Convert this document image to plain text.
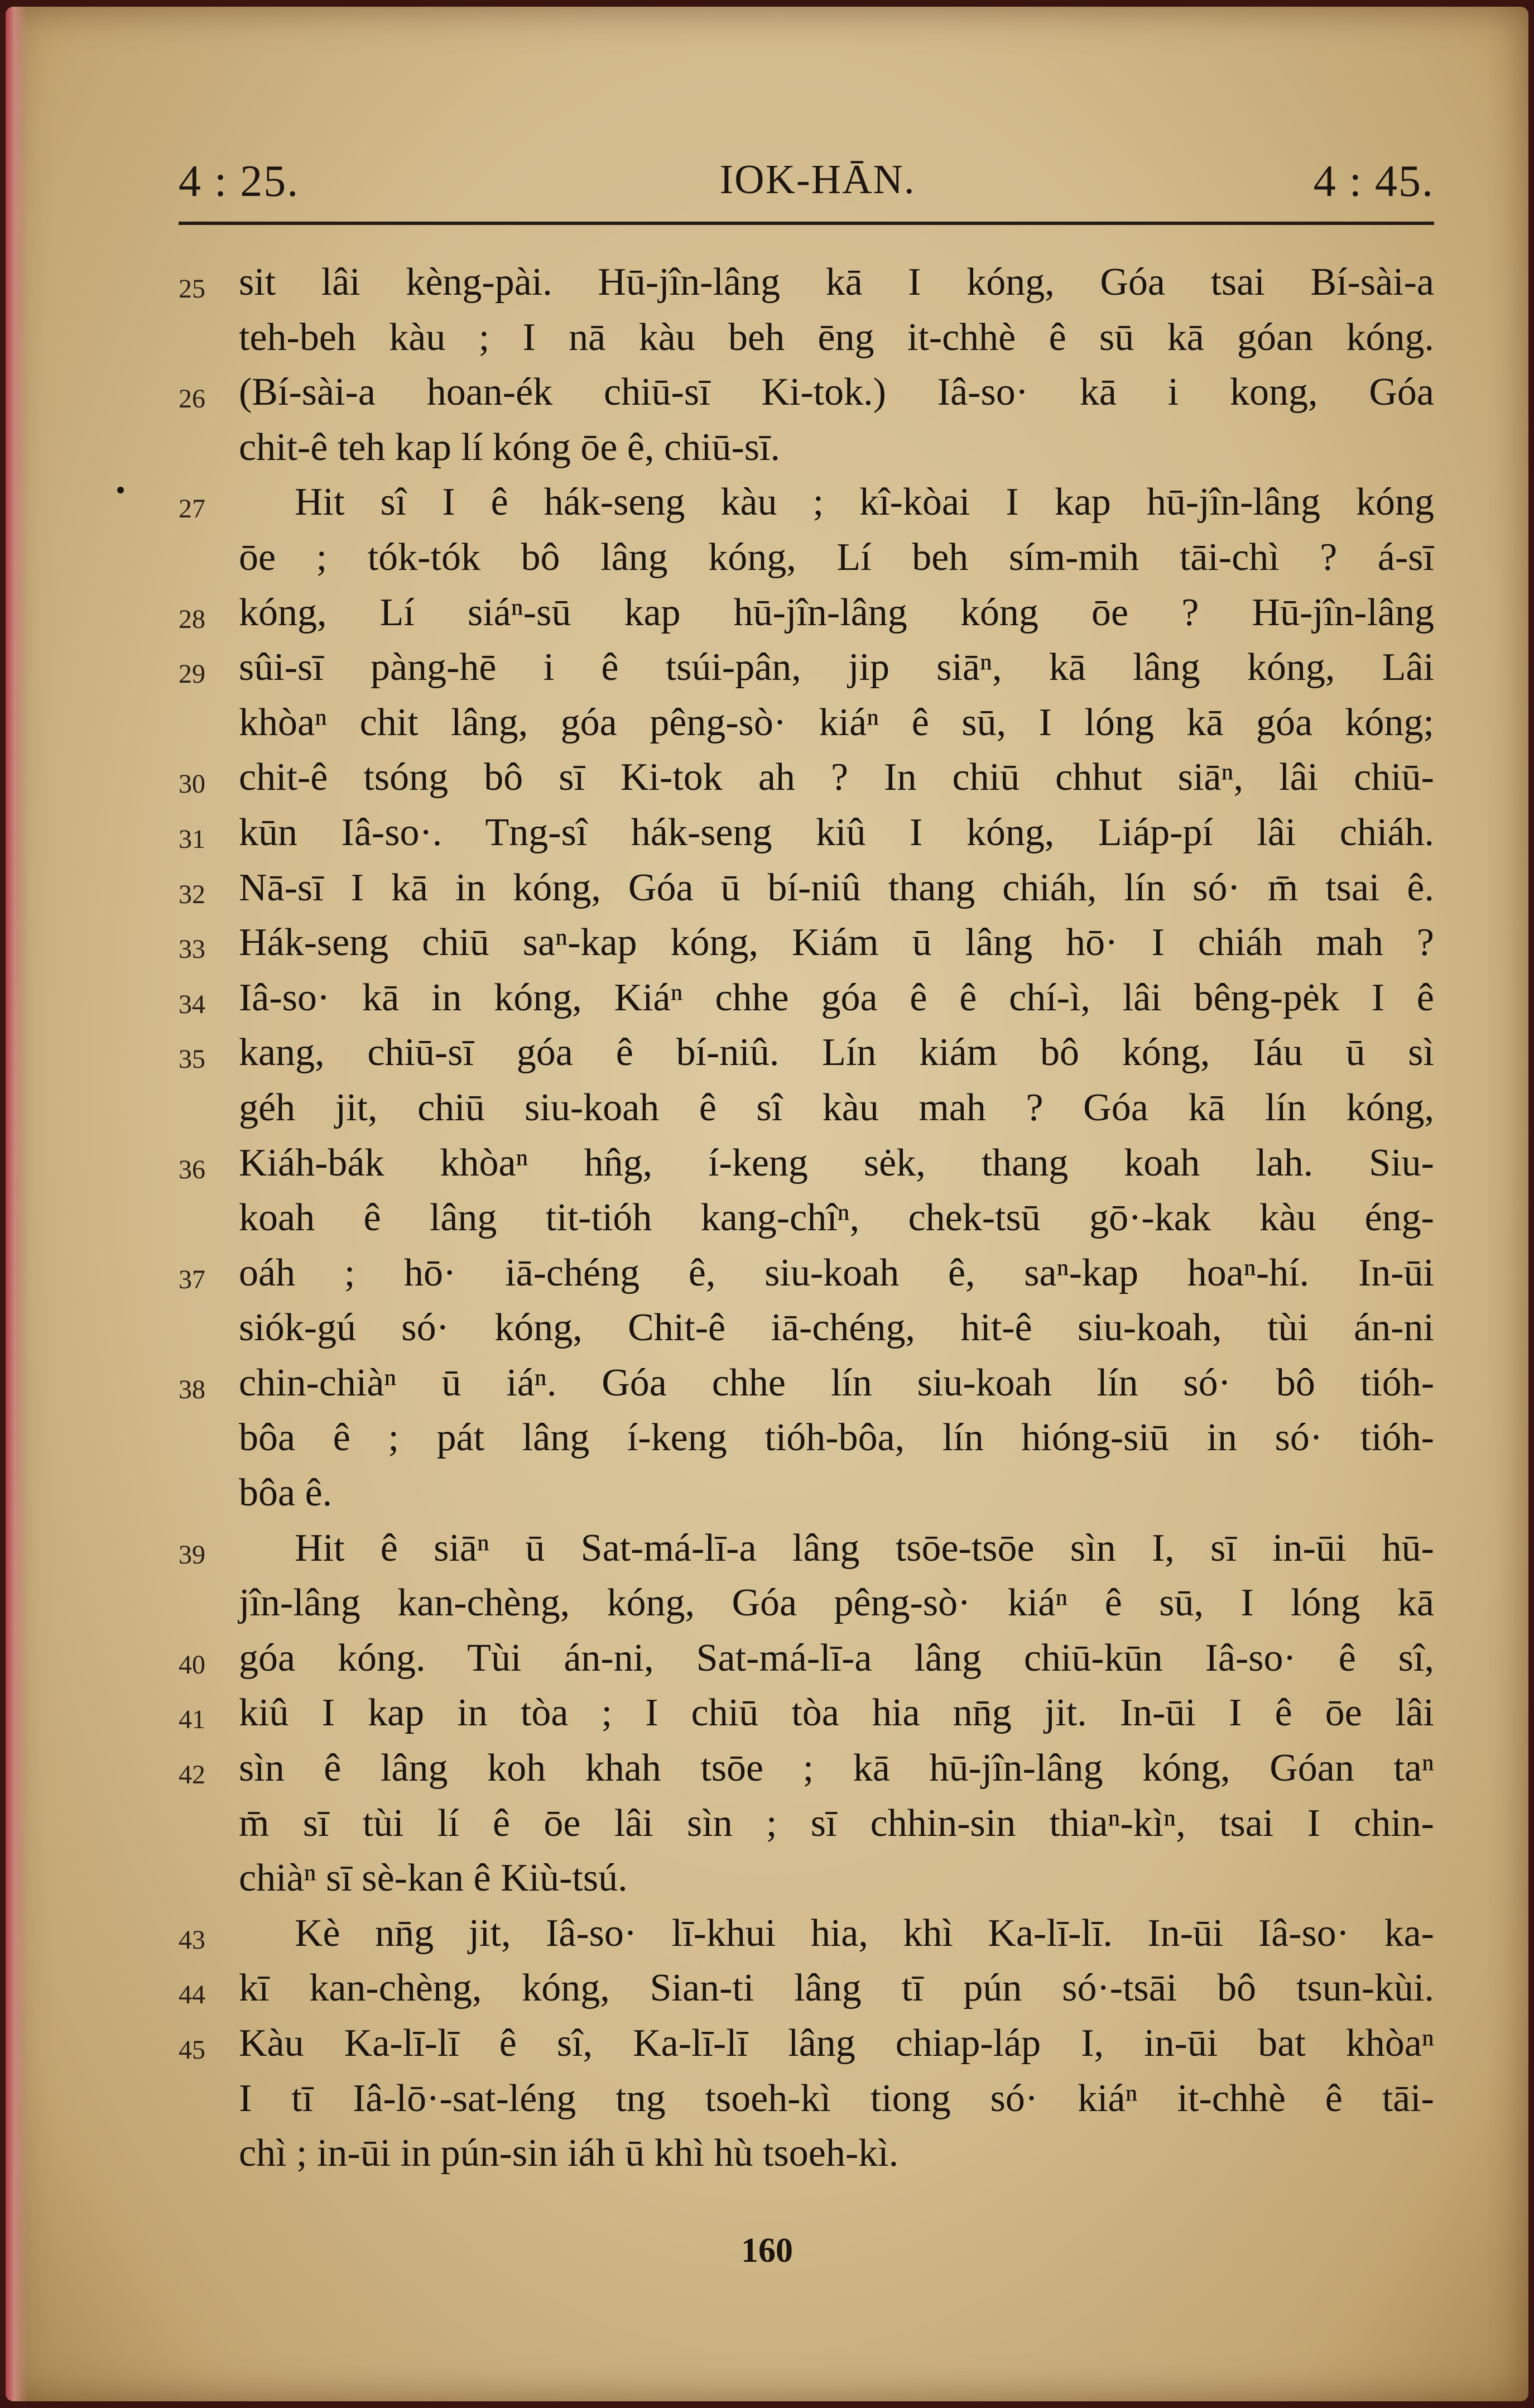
4 : 25.	IOK-HĀN.	4 : 45.
25 sit lâi kèng-pài. Hū-jîn-lâng kā I kóng, Góa tsai Bí-sài-a
teh-beh kàu ; I nā kàu beh ēng it-chhè ê sū kā góan kóng.
26 (Bí-sài-a hoan-ék chiū-sī Ki-tok.) Iâ-so· kā i kong, Góa
chit-ê teh kap lí kóng ōe ê, chiū-sī.
27 Hit sî I ê hák-seng kàu ; kî-kòai I kap hū-jîn-lâng kóng
ōe ; tók-tók bô lâng kóng, Lí beh sím-mih tāi-chì ? á-sī
28 kóng, Lí siáⁿ-sū kap hū-jîn-lâng kóng ōe ? Hū-jîn-lâng
29 sûi-sī pàng-hē i ê tsúi-pân, jip siāⁿ, kā lâng kóng, Lâi
khòaⁿ chit lâng, góa pêng-sò· kiáⁿ ê sū, I lóng kā góa kóng;
30 chit-ê tsóng bô sī Ki-tok ah ? In chiū chhut siāⁿ, lâi chiū-
31 kūn Iâ-so·. Tng-sî hák-seng kiû I kóng, Liáp-pí lâi chiáh.
32 Nā-sī I kā in kóng, Góa ū bí-niû thang chiáh, lín só· m̄ tsai ê.
33 Hák-seng chiū saⁿ-kap kóng, Kiám ū lâng hō· I chiáh mah ?
34 Iâ-so· kā in kóng, Kiáⁿ chhe góa ê ê chí-ì, lâi bêng-pėk I ê
35 kang, chiū-sī góa ê bí-niû. Lín kiám bô kóng, Iáu ū sì
géh jit, chiū siu-koah ê sî kàu mah ? Góa kā lín kóng,
36 Kiáh-bák khòaⁿ hn̂g, í-keng sėk, thang koah lah. Siu-
koah ê lâng tit-tióh kang-chîⁿ, chek-tsū gō·-kak kàu éng-
37 oáh ; hō· iā-chéng ê, siu-koah ê, saⁿ-kap hoaⁿ-hí. In-ūi
siók-gú só· kóng, Chit-ê iā-chéng, hit-ê siu-koah, tùi án-ni
38 chin-chiàⁿ ū iáⁿ. Góa chhe lín siu-koah lín só· bô tióh-
bôa ê ; pát lâng í-keng tióh-bôa, lín hióng-siū in só· tióh-
bôa ê.
39 Hit ê siāⁿ ū Sat-má-lī-a lâng tsōe-tsōe sìn I, sī in-ūi hū-
jîn-lâng kan-chèng, kóng, Góa pêng-sò· kiáⁿ ê sū, I lóng kā
40 góa kóng. Tùi án-ni, Sat-má-lī-a lâng chiū-kūn Iâ-so· ê sî,
41 kiû I kap in tòa ; I chiū tòa hia nn̄g jit. In-ūi I ê ōe lâi
42 sìn ê lâng koh khah tsōe ; kā hū-jîn-lâng kóng, Góan taⁿ
m̄ sī tùi lí ê ōe lâi sìn ; sī chhin-sin thiaⁿ-kìⁿ, tsai I chin-
chiàⁿ sī sè-kan ê Kiù-tsú.
43 Kè nn̄g jit, Iâ-so· lī-khui hia, khì Ka-lī-lī. In-ūi Iâ-so· ka-
44 kī kan-chèng, kóng, Sian-ti lâng tī pún só·-tsāi bô tsun-kùi.
45 Kàu Ka-lī-lī ê sî, Ka-lī-lī lâng chiap-láp I, in-ūi bat khòaⁿ
I tī Iâ-lō·-sat-léng tng tsoeh-kì tiong só· kiáⁿ it-chhè ê tāi-
chì ; in-ūi in pún-sin iáh ū khì hù tsoeh-kì.
160
